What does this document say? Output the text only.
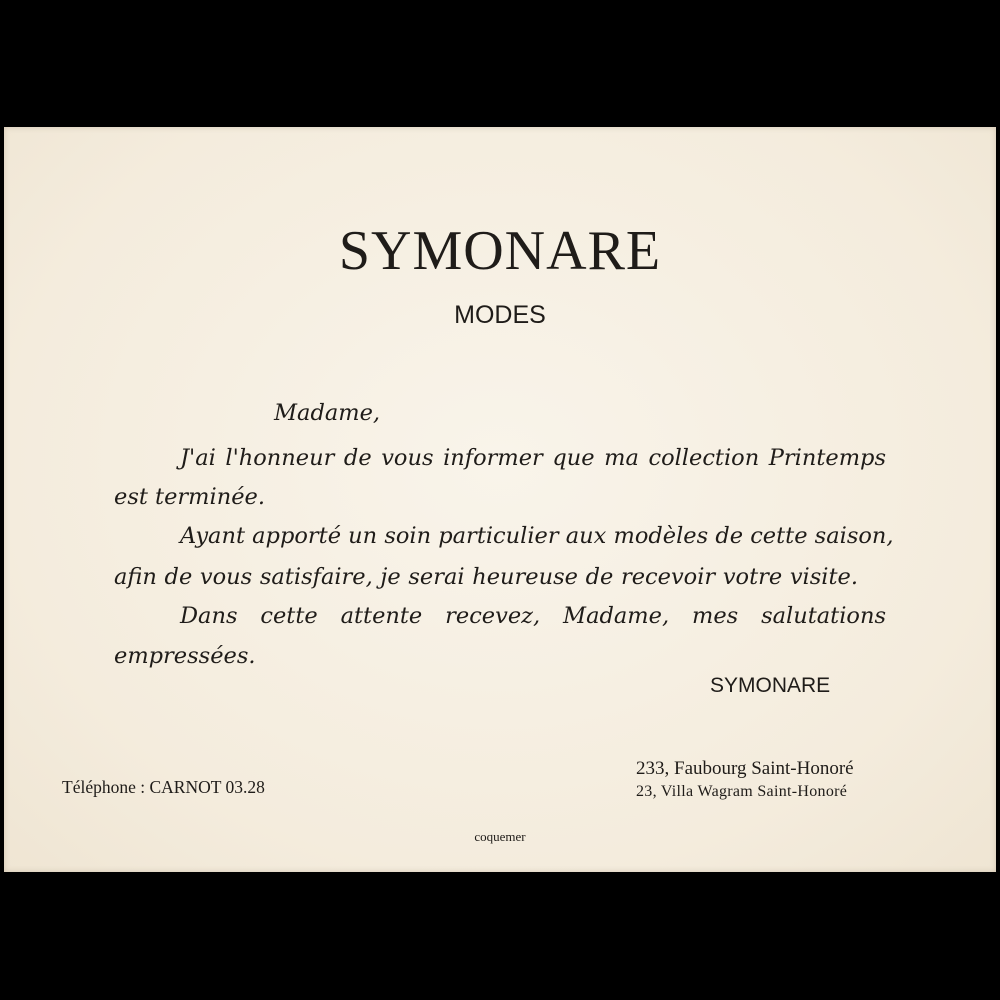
SYMONARE

MODES

Madame,

J'ai l'honneur de vous informer que ma collection Printemps

est terminée.

Ayant apporté un soin particulier aux modèles de cette saison,

afin de vous satisfaire, je serai heureuse de recevoir votre visite.

Dans cette attente recevez, Madame, mes salutations

empressées.

SYMONARE

Téléphone : CARNOT 03.28

233, Faubourg Saint-Honoré

23, Villa Wagram Saint-Honoré

coquemer
